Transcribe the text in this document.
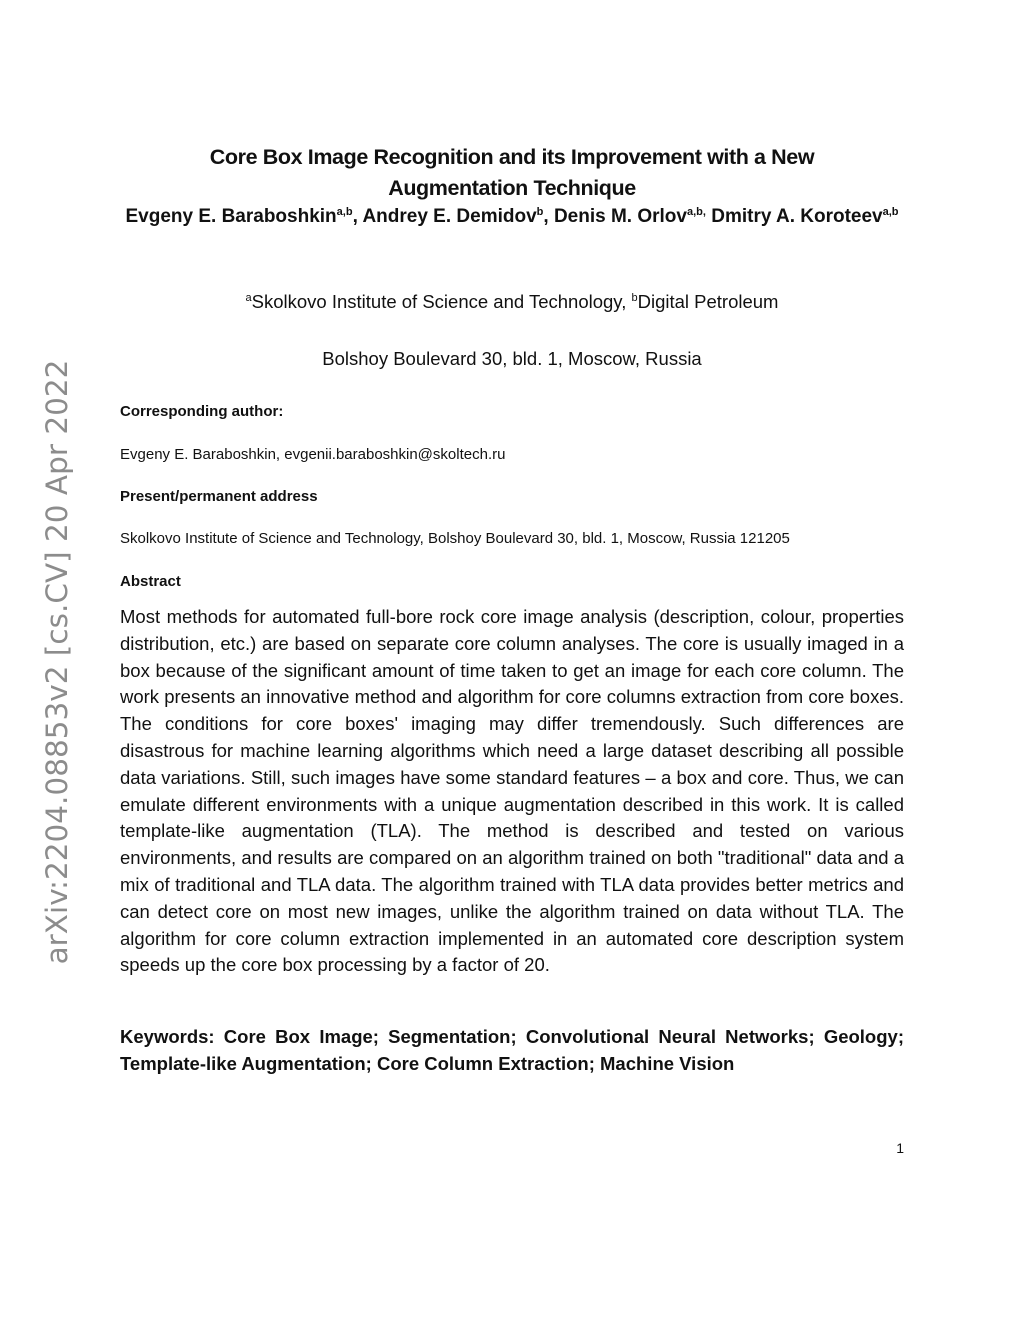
arXiv:2204.08853v2 [cs.CV] 20 Apr 2022
Core Box Image Recognition and its Improvement with a New
Augmentation Technique
Evgeny E. Baraboshkin$^{a,b}$, Andrey E. Demidov$^b$, Denis M. Orlov$^{a,b,}$ Dmitry A. Koroteev$^{a,b}$
$^a$Skolkovo Institute of Science and Technology, $^b$Digital Petroleum
Bolshoy Boulevard 30, bld. 1, Moscow, Russia
Corresponding author:
Evgeny E. Baraboshkin, evgenii.baraboshkin@skoltech.ru
Present/permanent address
Skolkovo Institute of Science and Technology, Bolshoy Boulevard 30, bld. 1, Moscow, Russia 121205
Abstract
Most methods for automated full-bore rock core image analysis (description, colour, properties distribution, etc.) are based on separate core column analyses. The core is usually imaged in a box because of the significant amount of time taken to get an image for each core column. The work presents an innovative method and algorithm for core columns extraction from core boxes. The conditions for core boxes' imaging may differ tremendously. Such differences are disastrous for machine learning algorithms which need a large dataset describing all possible data variations. Still, such images have some standard features – a box and core. Thus, we can emulate different environments with a unique augmentation described in this work. It is called template-like augmentation (TLA). The method is described and tested on various environments, and results are compared on an algorithm trained on both "traditional" data and a mix of traditional and TLA data. The algorithm trained with TLA data provides better metrics and can detect core on most new images, unlike the algorithm trained on data without TLA. The algorithm for core column extraction implemented in an automated core description system speeds up the core box processing by a factor of 20.
Keywords: Core Box Image; Segmentation; Convolutional Neural Networks; Geology; Template-like Augmentation; Core Column Extraction; Machine Vision
1
